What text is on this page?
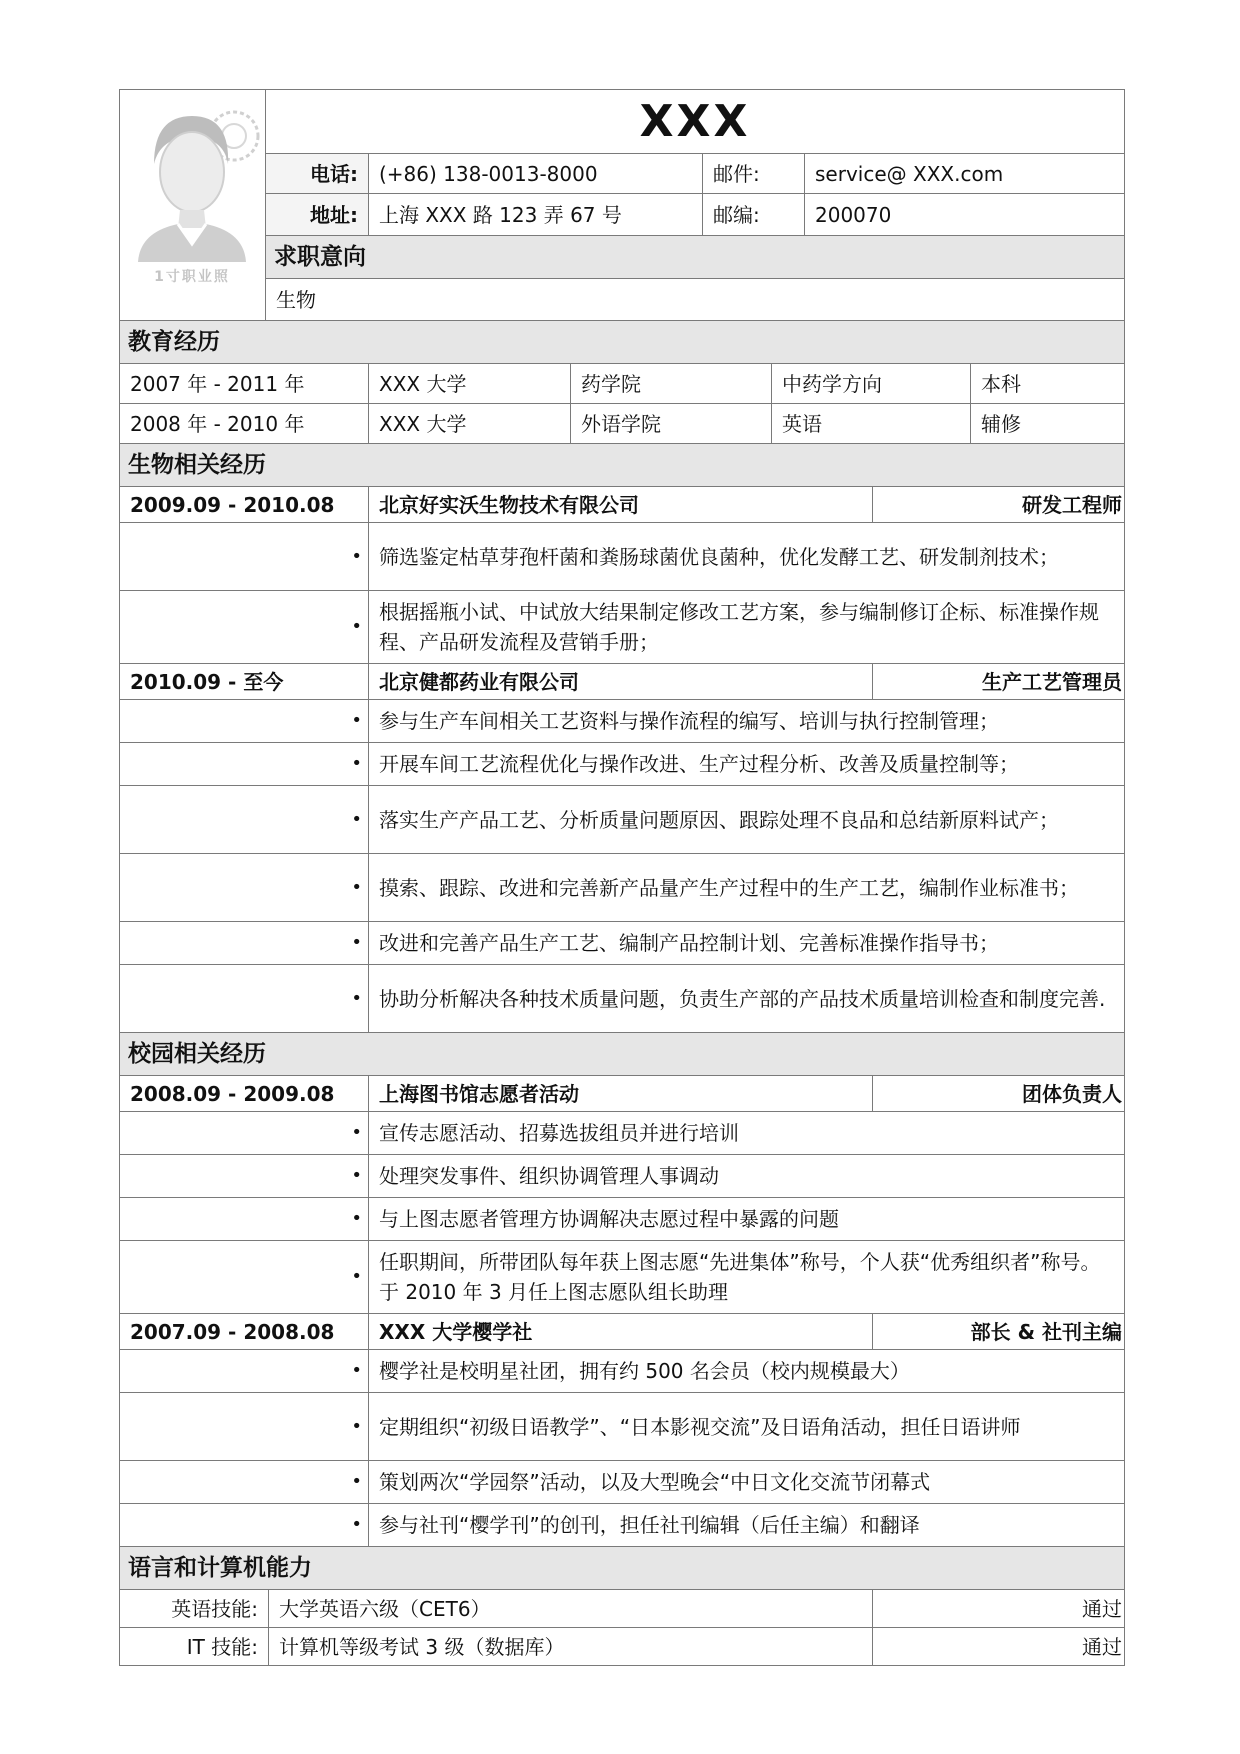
1寸职业照	XXX			
	电话:	(+86) 138-0013-8000	邮件:	service@ XXX.com
	地址:	上海 XXX 路 123 弄 67 号	邮编:	200070
	求职意向			
	生物			
教育经历				
2007 年 - 2011 年	XXX 大学	药学院	中药学方向	本科
2008 年 - 2010 年	XXX 大学	外语学院	英语	辅修
生物相关经历		
2009.09 - 2010.08	北京好实沃生物技术有限公司	研发工程师
•	筛选鉴定枯草芽孢杆菌和粪肠球菌优良菌种，优化发酵工艺、研发制剂技术；	
•	根据摇瓶小试、中试放大结果制定修改工艺方案，参与编制修订企标、标准操作规程、产品研发流程及营销手册；	
2010.09 - 至今	北京健都药业有限公司	生产工艺管理员
•	参与生产车间相关工艺资料与操作流程的编写、培训与执行控制管理；	
•	开展车间工艺流程优化与操作改进、生产过程分析、改善及质量控制等；	
•	落实生产产品工艺、分析质量问题原因、跟踪处理不良品和总结新原料试产；	
•	摸索、跟踪、改进和完善新产品量产生产过程中的生产工艺，编制作业标准书；	
•	改进和完善产品生产工艺、编制产品控制计划、完善标准操作指导书；	
•	协助分析解决各种技术质量问题，负责生产部的产品技术质量培训检查和制度完善.	
校园相关经历		
2008.09 - 2009.08	上海图书馆志愿者活动	团体负责人
•	宣传志愿活动、招募选拔组员并进行培训	
•	处理突发事件、组织协调管理人事调动	
•	与上图志愿者管理方协调解决志愿过程中暴露的问题	
•	任职期间，所带团队每年获上图志愿“先进集体”称号，个人获“优秀组织者”称号。于 2010 年 3 月任上图志愿队组长助理	
2007.09 - 2008.08	XXX 大学樱学社	部长 & 社刊主编
•	樱学社是校明星社团，拥有约 500 名会员（校内规模最大）	
•	定期组织“初级日语教学”、“日本影视交流”及日语角活动，担任日语讲师	
•	策划两次“学园祭”活动，以及大型晚会“中日文化交流节闭幕式	
•	参与社刊“樱学刊”的创刊，担任社刊编辑（后任主编）和翻译	
语言和计算机能力		
英语技能:	大学英语六级（CET6）	通过
IT 技能:	计算机等级考试 3 级（数据库）	通过
